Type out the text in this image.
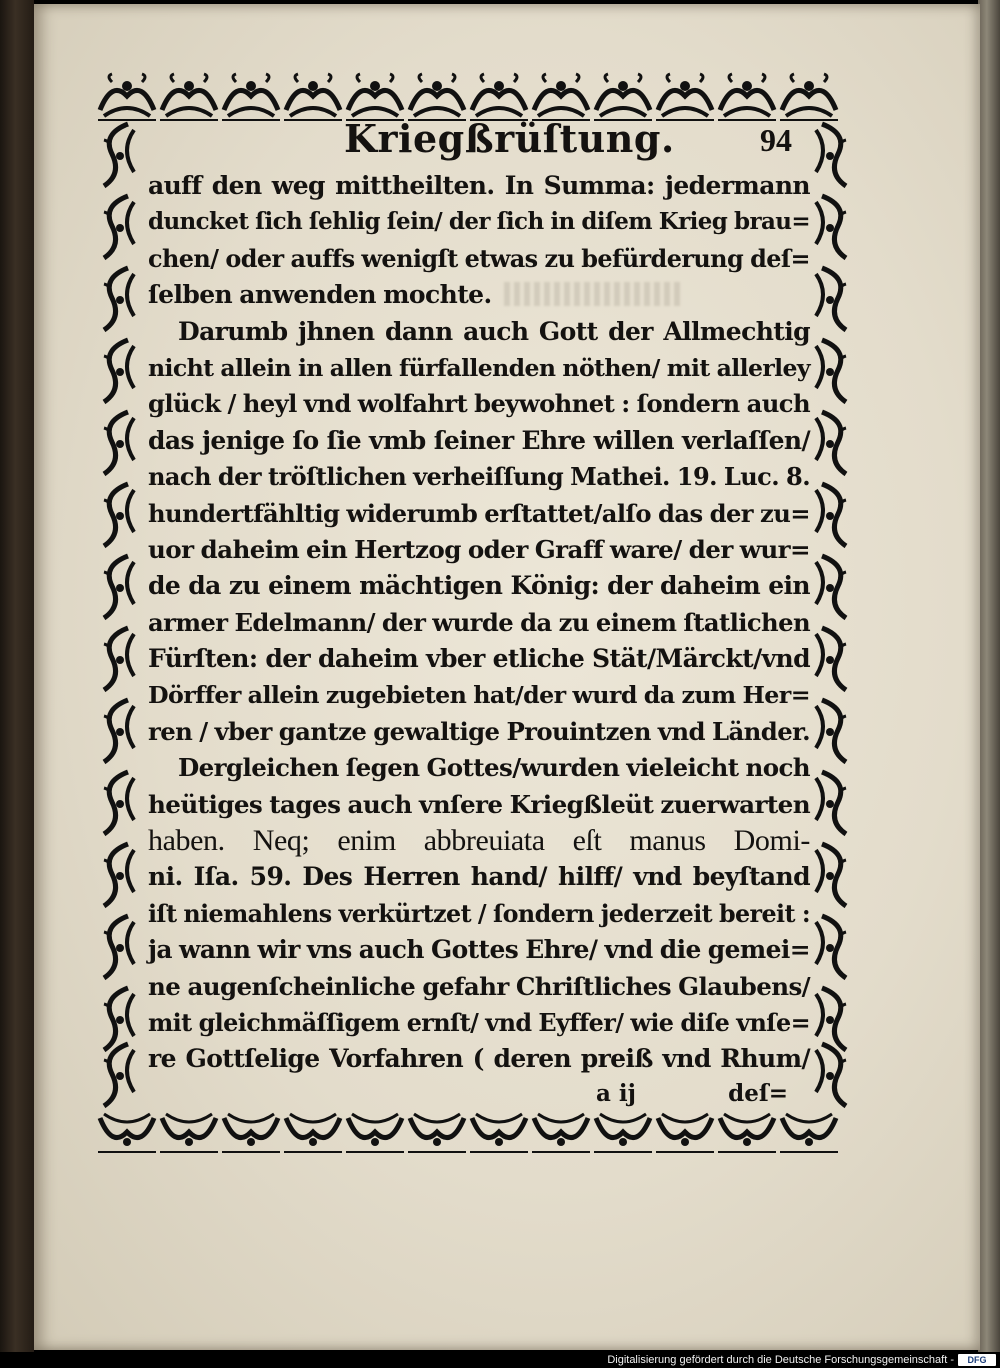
Kriegßrüſtung.	94
auff den weg mittheilten. In Summa: jedermann
duncket ſich ſehlig ſein/ der ſich in diſem Krieg brau=
chen/ oder auffs wenigſt etwas zu befürderung deſ=
ſelben anwenden mochte.
Darumb jhnen dann auch Gott der Allmechtig
nicht allein in allen fürfallenden nöthen/ mit allerley
glück / heyl vnd wolfahrt beywohnet : ſondern auch
das jenige ſo ſie vmb ſeiner Ehre willen verlaſſen/
nach der tröſtlichen verheiſſung Mathei. 19. Luc. 8.
hundertfähltig widerumb erſtattet/alſo das der zu=
uor daheim ein Hertzog oder Graff ware/ der wur=
de da zu einem mächtigen König: der daheim ein
armer Edelmann/ der wurde da zu einem ſtatlichen
Fürſten: der daheim vber etliche Stät/Märckt/vnd
Dörffer allein zugebieten hat/der wurd da zum Her=
ren / vber gantze gewaltige Prouintzen vnd Länder.
Dergleichen ſegen Gottes/wurden vieleicht noch
heütiges tages auch vnſere Kriegßleüt zuerwarten
haben. Neq; enim abbreuiata eſt manus Domi-
ni. Iſa. 59. Des Herren hand/ hilff/ vnd beyſtand
iſt niemahlens verkürtzet / ſondern jederzeit bereit :
ja wann wir vns auch Gottes Ehre/ vnd die gemei=
ne augenſcheinliche gefahr Chriſtliches Glaubens/
mit gleichmäſſigem ernſt/ vnd Eyffer/ wie diſe vnſe=
re Gottſelige Vorfahren ( deren preiß vnd Rhum/
a ij	deſ=
Digitalisierung gefördert durch die Deutsche Forschungsgemeinschaft -	DFG
